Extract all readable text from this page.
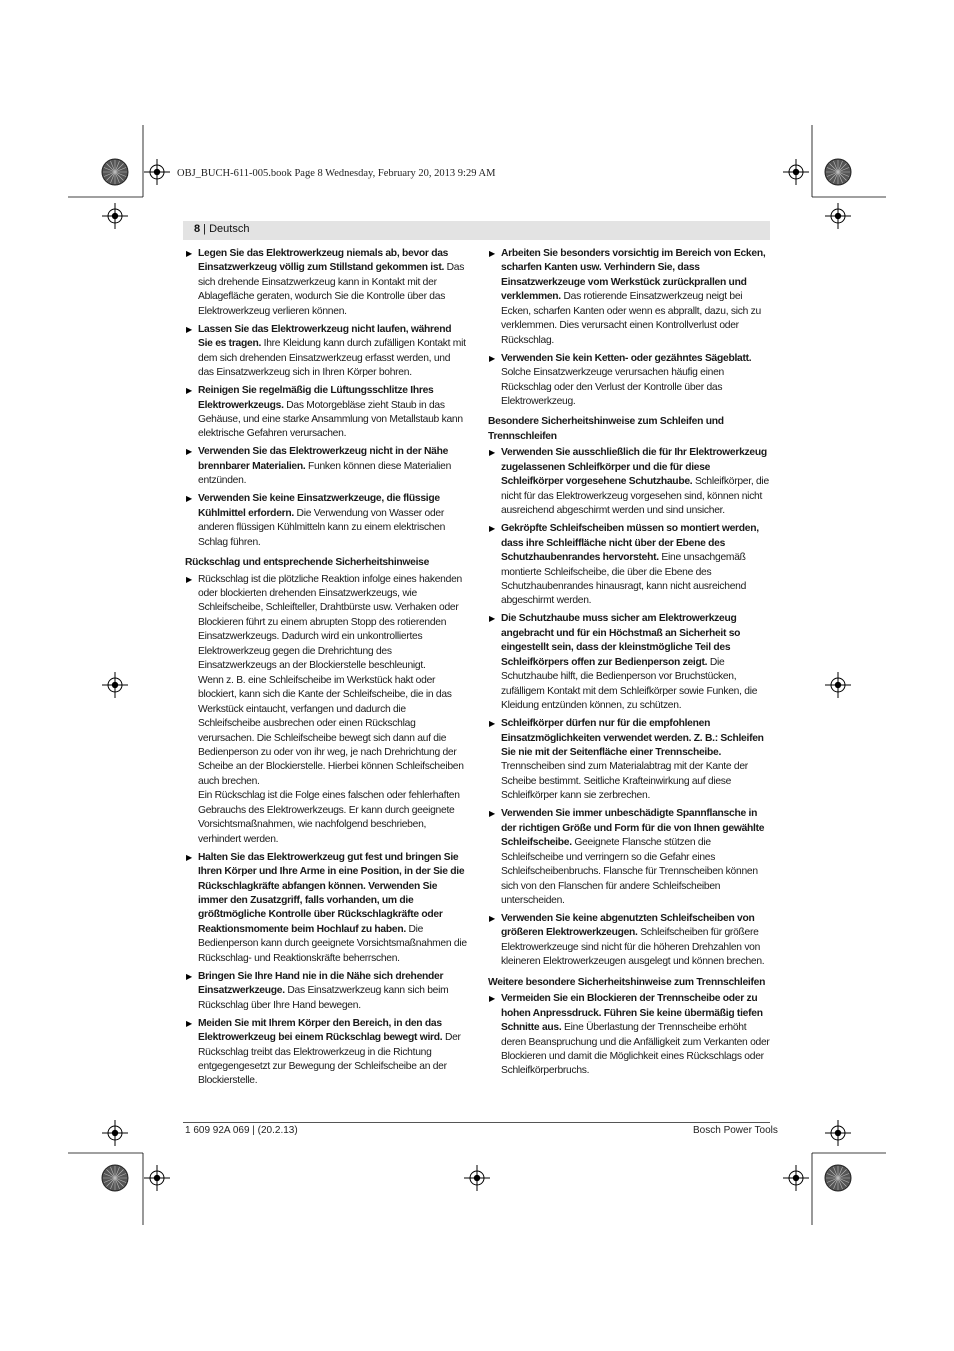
OBJ_BUCH-611-005.book Page 8 Wednesday, February 20, 2013 9:29 AM
8 | Deutsch
▶ Legen Sie das Elektrowerkzeug niemals ab, bevor das Einsatzwerkzeug völlig zum Stillstand gekommen ist. Das sich drehende Einsatzwerkzeug kann in Kontakt mit der Ablagefläche geraten, wodurch Sie die Kontrolle über das Elektrowerkzeug verlieren können.
▶ Lassen Sie das Elektrowerkzeug nicht laufen, während Sie es tragen. Ihre Kleidung kann durch zufälligen Kontakt mit dem sich drehenden Einsatzwerkzeug erfasst werden, und das Einsatzwerkzeug sich in Ihren Körper bohren.
▶ Reinigen Sie regelmäßig die Lüftungsschlitze Ihres Elektrowerkzeugs. Das Motorgebläse zieht Staub in das Gehäuse, und eine starke Ansammlung von Metallstaub kann elektrische Gefahren verursachen.
▶ Verwenden Sie das Elektrowerkzeug nicht in der Nähe brennbarer Materialien. Funken können diese Materialien entzünden.
▶ Verwenden Sie keine Einsatzwerkzeuge, die flüssige Kühlmittel erfordern. Die Verwendung von Wasser oder anderen flüssigen Kühlmitteln kann zu einem elektrischen Schlag führen.
Rückschlag und entsprechende Sicherheitshinweise
▶ Rückschlag ist die plötzliche Reaktion infolge eines hakenden oder blockierten drehenden Einsatzwerkzeugs, wie Schleifscheibe, Schleifteller, Drahtbürste usw. Verhaken oder Blockieren führt zu einem abrupten Stopp des rotierenden Einsatzwerkzeugs. Dadurch wird ein unkontrolliertes Elektrowerkzeug gegen die Drehrichtung des Einsatzwerkzeugs an der Blockierstelle beschleunigt.
Wenn z. B. eine Schleifscheibe im Werkstück hakt oder blockiert, kann sich die Kante der Schleifscheibe, die in das Werkstück eintaucht, verfangen und dadurch die Schleifscheibe ausbrechen oder einen Rückschlag verursachen. Die Schleifscheibe bewegt sich dann auf die Bedienperson zu oder von ihr weg, je nach Drehrichtung der Scheibe an der Blockierstelle. Hierbei können Schleifscheiben auch brechen.
Ein Rückschlag ist die Folge eines falschen oder fehlerhaften Gebrauchs des Elektrowerkzeugs. Er kann durch geeignete Vorsichtsmaßnahmen, wie nachfolgend beschrieben, verhindert werden.
▶ Halten Sie das Elektrowerkzeug gut fest und bringen Sie Ihren Körper und Ihre Arme in eine Position, in der Sie die Rückschlagkräfte abfangen können. Verwenden Sie immer den Zusatzgriff, falls vorhanden, um die größtmögliche Kontrolle über Rückschlagkräfte oder Reaktionsmomente beim Hochlauf zu haben. Die Bedienperson kann durch geeignete Vorsichtsmaßnahmen die Rückschlag- und Reaktionskräfte beherrschen.
▶ Bringen Sie Ihre Hand nie in die Nähe sich drehender Einsatzwerkzeuge. Das Einsatzwerkzeug kann sich beim Rückschlag über Ihre Hand bewegen.
▶ Meiden Sie mit Ihrem Körper den Bereich, in den das Elektrowerkzeug bei einem Rückschlag bewegt wird. Der Rückschlag treibt das Elektrowerkzeug in die Richtung entgegengesetzt zur Bewegung der Schleifscheibe an der Blockierstelle.
▶ Arbeiten Sie besonders vorsichtig im Bereich von Ecken, scharfen Kanten usw. Verhindern Sie, dass Einsatzwerkzeuge vom Werkstück zurückprallen und verklemmen. Das rotierende Einsatzwerkzeug neigt bei Ecken, scharfen Kanten oder wenn es abprallt, dazu, sich zu verklemmen. Dies verursacht einen Kontrollverlust oder Rückschlag.
▶ Verwenden Sie kein Ketten- oder gezähntes Sägeblatt. Solche Einsatzwerkzeuge verursachen häufig einen Rückschlag oder den Verlust der Kontrolle über das Elektrowerkzeug.
Besondere Sicherheitshinweise zum Schleifen und Trennschleifen
▶ Verwenden Sie ausschließlich die für Ihr Elektrowerkzeug zugelassenen Schleifkörper und die für diese Schleifkörper vorgesehene Schutzhaube. Schleifkörper, die nicht für das Elektrowerkzeug vorgesehen sind, können nicht ausreichend abgeschirmt werden und sind unsicher.
▶ Gekröpfte Schleifscheiben müssen so montiert werden, dass ihre Schleiffläche nicht über der Ebene des Schutzhaubenrandes hervorsteht. Eine unsachgemäß montierte Schleifscheibe, die über die Ebene des Schutzhaubenrandes hinausragt, kann nicht ausreichend abgeschirmt werden.
▶ Die Schutzhaube muss sicher am Elektrowerkzeug angebracht und für ein Höchstmaß an Sicherheit so eingestellt sein, dass der kleinstmögliche Teil des Schleifkörpers offen zur Bedienperson zeigt. Die Schutzhaube hilft, die Bedienperson vor Bruchstücken, zufälligem Kontakt mit dem Schleifkörper sowie Funken, die Kleidung entzünden können, zu schützen.
▶ Schleifkörper dürfen nur für die empfohlenen Einsatzmöglichkeiten verwendet werden. Z. B.: Schleifen Sie nie mit der Seitenfläche einer Trennscheibe. Trennscheiben sind zum Materialabtrag mit der Kante der Scheibe bestimmt. Seitliche Krafteinwirkung auf diese Schleifkörper kann sie zerbrechen.
▶ Verwenden Sie immer unbeschädigte Spannflansche in der richtigen Größe und Form für die von Ihnen gewählte Schleifscheibe. Geeignete Flansche stützen die Schleifscheibe und verringern so die Gefahr eines Schleifscheibenbruchs. Flansche für Trennscheiben können sich von den Flanschen für andere Schleifscheiben unterscheiden.
▶ Verwenden Sie keine abgenutzten Schleifscheiben von größeren Elektrowerkzeugen. Schleifscheiben für größere Elektrowerkzeuge sind nicht für die höheren Drehzahlen von kleineren Elektrowerkzeugen ausgelegt und können brechen.
Weitere besondere Sicherheitshinweise zum Trennschleifen
▶ Vermeiden Sie ein Blockieren der Trennscheibe oder zu hohen Anpressdruck. Führen Sie keine übermäßig tiefen Schnitte aus. Eine Überlastung der Trennscheibe erhöht deren Beanspruchung und die Anfälligkeit zum Verkanten oder Blockieren und damit die Möglichkeit eines Rückschlags oder Schleifkörperbruchs.
1 609 92A 069 | (20.2.13)	Bosch Power Tools
